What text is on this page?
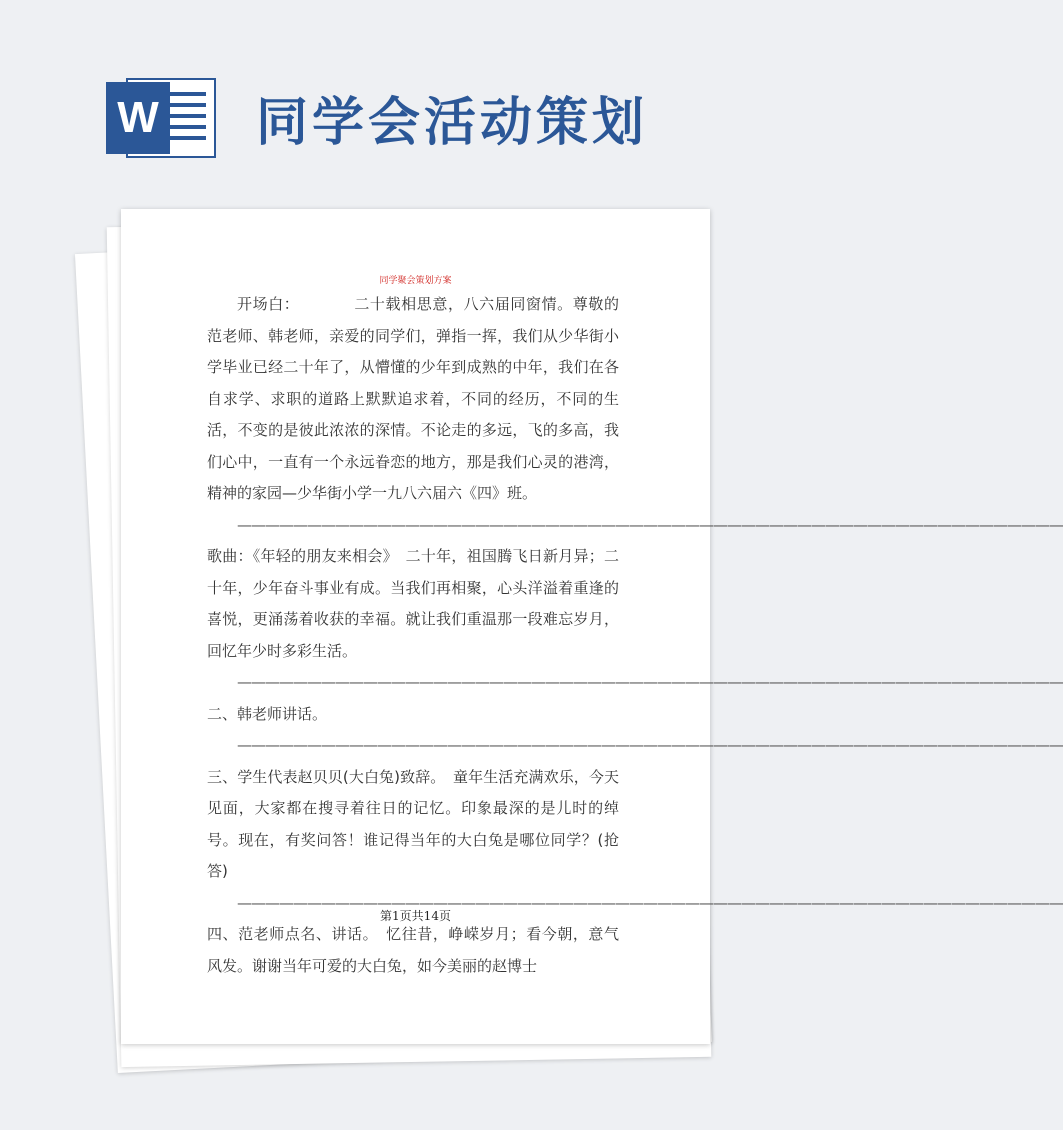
W 同学会活动策划
同学聚会策划方案

开场白：　　　　二十载相思意，八六届同窗情。尊敬的范老师、韩老师，亲爱的同学们，弹指一挥，我们从少华街小学毕业已经二十年了，从懵懂的少年到成熟的中年，我们在各自求学、求职的道路上默默追求着，不同的经历，不同的生活，不变的是彼此浓浓的深情。不论走的多远，飞的多高，我们心中，一直有一个永远眷恋的地方，那是我们心灵的港湾，精神的家园—少华街小学一九八六届六《四》班。

———————————————————————————————————————————————————————————歌曲：《年轻的朋友来相会》　二十年，祖国腾飞日新月异；二十年，少年奋斗事业有成。当我们再相聚，心头洋溢着重逢的喜悦，更涌荡着收获的幸福。就让我们重温那一段难忘岁月，回忆年少时多彩生活。

———————————————————————————————————————————————————————————二、韩老师讲话。

———————————————————————————————————————————————————————————三、学生代表赵贝贝(大白兔)致辞。　童年生活充满欢乐，今天见面，大家都在搜寻着往日的记忆。印象最深的是儿时的绰号。现在，有奖问答！谁记得当年的大白兔是哪位同学？(抢答)

———————————————————————————————————————————————————————————四、范老师点名、讲话。　忆往昔，峥嵘岁月；看今朝，意气风发。谢谢当年可爱的大白兔，如今美丽的赵博士

第1页共14页
